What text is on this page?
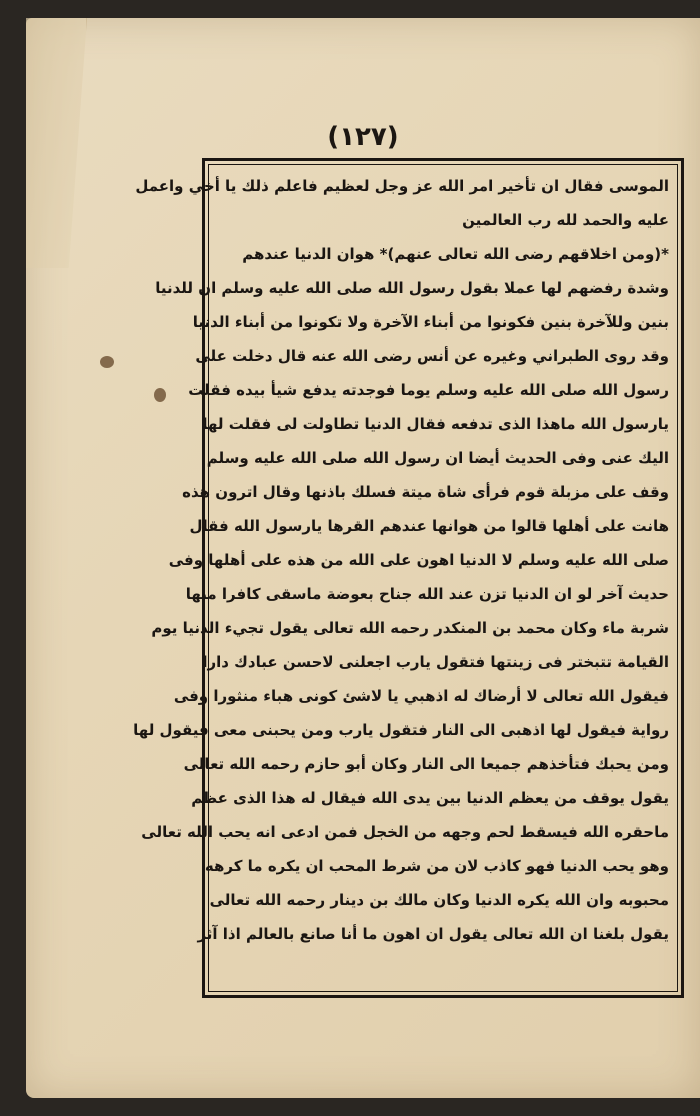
(١٢٧)
الموسى فقال ان تأخير امر الله عز وجل لعظيم فاعلم ذلك يا أخي واعمل
عليه والحمد لله رب العالمين
*(ومن اخلاقهم رضى الله تعالى عنهم)* هوان الدنيا عندهم
وشدة رفضهم لها عملا بقول رسول الله صلى الله عليه وسلم ان للدنيا
بنين وللآخرة بنين فكونوا من أبناء الآخرة ولا تكونوا من أبناء الدنيا
وقد روى الطبراني وغيره عن أنس رضى الله عنه قال دخلت على
رسول الله صلى الله عليه وسلم يوما فوجدته يدفع شيأ بيده فقلت
يارسول الله ماهذا الذى تدفعه فقال الدنيا تطاولت لى فقلت لها
اليك عنى وفى الحديث أيضا ان رسول الله صلى الله عليه وسلم
وقف على مزبلة قوم فرأى شاة ميتة فسلك باذنها وقال اترون هذه
هانت على أهلها قالوا من هوانها عندهم القرها يارسول الله فقال
صلى الله عليه وسلم لا الدنيا اهون على الله من هذه على أهلها وفى
حديث آخر لو ان الدنيا تزن عند الله جناح بعوضة ماسقى كافرا منها
شربة ماء وكان محمد بن المنكدر رحمه الله تعالى يقول تجيء الدنيا يوم
القيامة تتبختر فى زينتها فتقول يارب اجعلنى لاحسن عبادك دارا
فيقول الله تعالى لا أرضاك له اذهبي يا لاشئ كونى هباء منثورا وفى
رواية فيقول لها اذهبى الى النار فتقول يارب ومن يحبنى معى فيقول لها
ومن يحبك فتأخذهم جميعا الى النار وكان أبو حازم رحمه الله تعالى
يقول يوقف من يعظم الدنيا بين يدى الله فيقال له هذا الذى عظم
ماحقره الله فيسقط لحم وجهه من الخجل فمن ادعى انه يحب الله تعالى
وهو يحب الدنيا فهو كاذب لان من شرط المحب ان يكره ما كرهه
محبوبه وان الله يكره الدنيا وكان مالك بن دينار رحمه الله تعالى
يقول بلغنا ان الله تعالى يقول ان اهون ما أنا صانع بالعالم اذا آثر
